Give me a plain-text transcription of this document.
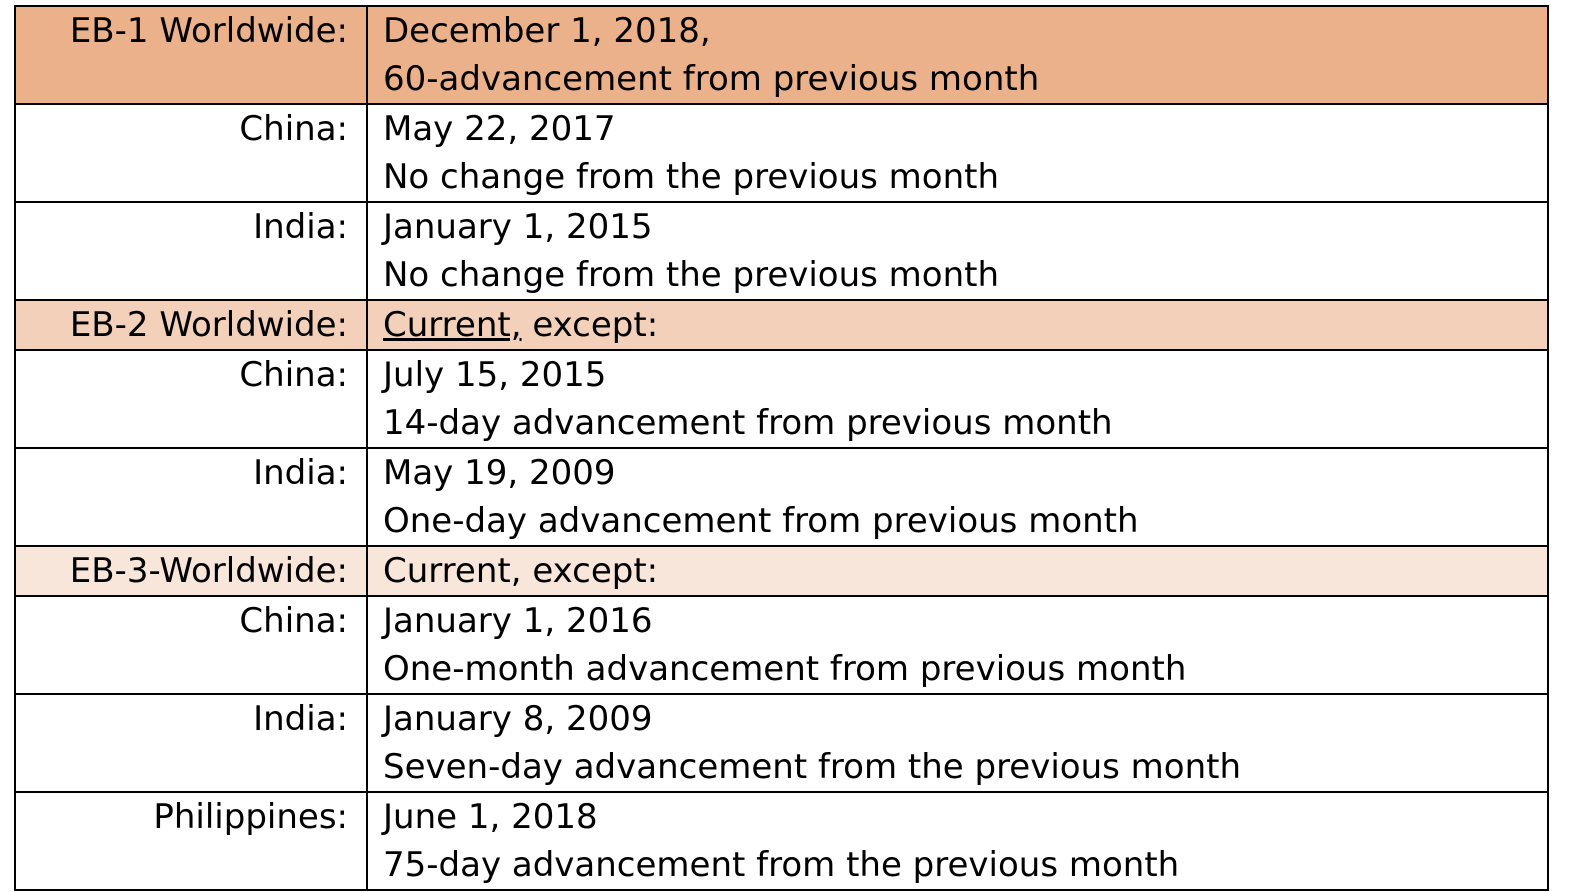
EB-1 Worldwide:	December 1, 2018,
60-advancement from previous month

China:	May 22, 2017
No change from the previous month

India:	January 1, 2015
No change from the previous month

EB-2 Worldwide:	Current, except:

China:	July 15, 2015
14-day advancement from previous month

India:	May 19, 2009
One-day advancement from previous month

EB-3-Worldwide:	Current, except:

China:	January 1, 2016
One-month advancement from previous month

India:	January 8, 2009
Seven-day advancement from the previous month

Philippines:	June 1, 2018
75-day advancement from the previous month
